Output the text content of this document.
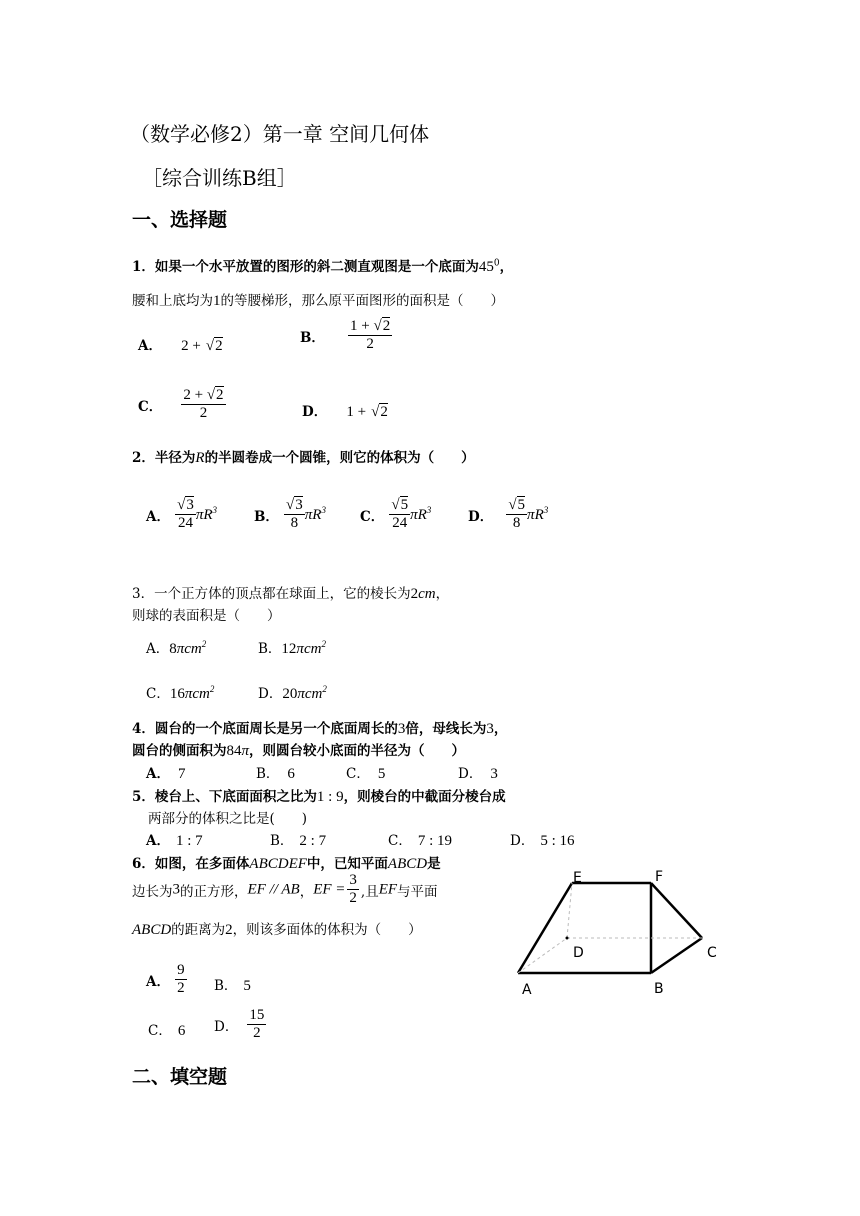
（数学必修2）第一章 空间几何体
［综合训练B组］
一、选择题
1．如果一个水平放置的图形的斜二测直观图是一个底面为$45^0$，
腰和上底均为1的等腰梯形，那么原平面图形的面积是（　　）
A． 2 + √2
B． $\frac{1 + √2}{2}$
C． $\frac{2 + √2}{2}$	D． 1 + √2
2．半径为R的半圆卷成一个圆锥，则它的体积为（　　）
A． $\frac{√3}{24} \pi R^3$	B． $\frac{√3}{8} \pi R^3$	C． $\frac{√5}{24} \pi R^3$	D． $\frac{√5}{8} \pi R^3$
3．一个正方体的顶点都在球面上，它的棱长为2cm，
则球的表面积是（　　）
A．8πcm$^2$	B．12πcm$^2$
C．16πcm$^2$	D．20πcm$^2$
4．圆台的一个底面周长是另一个底面周长的3倍，母线长为3，
圆台的侧面积为84π，则圆台较小底面的半径为（　　）
A． 7	B． 6	C． 5	D． 3
5．棱台上、下底面面积之比为1 : 9，则棱台的中截面分棱台成
两部分的体积之比是(　　)
A． 1 : 7	B． 2 : 7	C． 7 : 19	D． 5 : 16
6．如图，在多面体ABCDEF中，已知平面ABCD是
边长为3的正方形，EF // AB，EF = $\frac{3}{2}$ ,且EF与平面
ABCD的距离为2，则该多面体的体积为（　　）
A． $\frac{9}{2}$ B． 5
C． 6 D． $\frac{15}{2}$
E	F
D	C
A	B
二、填空题
